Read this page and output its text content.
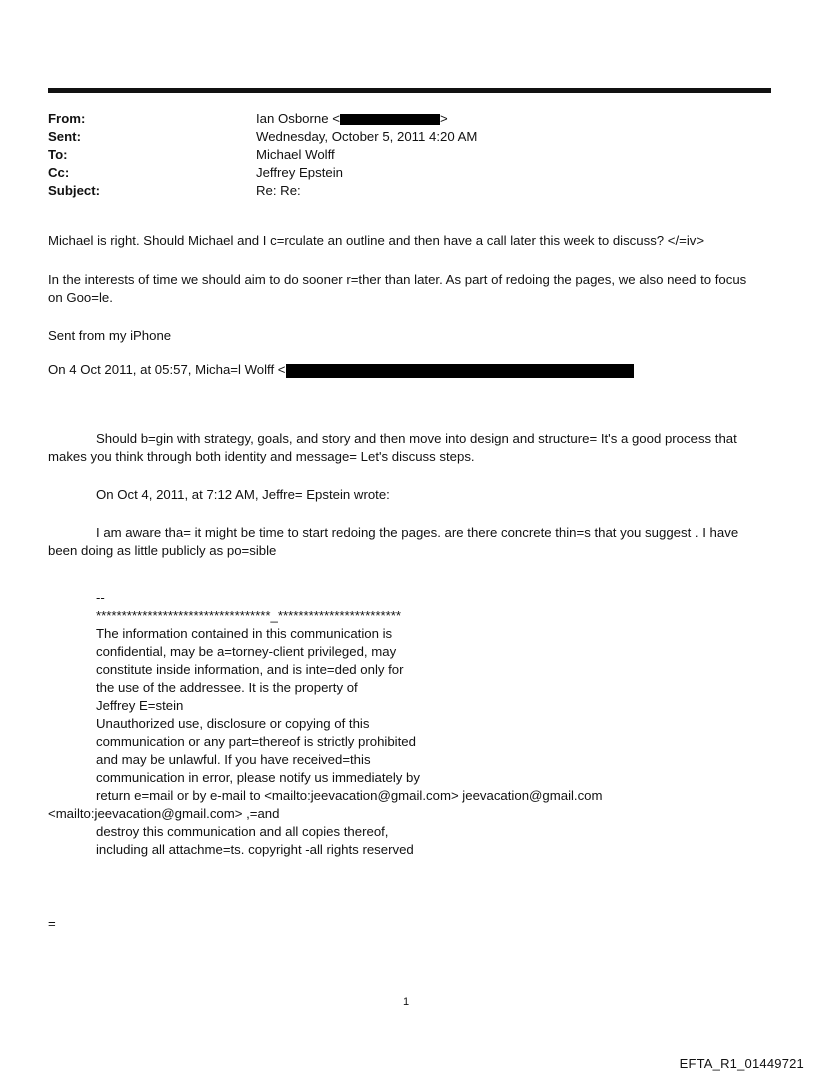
From:	Ian Osborne <	>
Sent:	Wednesday, October 5, 2011 4:20 AM
To:	Michael Wolff
Cc:	Jeffrey Epstein
Subject:	Re: Re:
Michael is right. Should Michael and I c=rculate an outline and then have a call later this week to discuss? </=iv>
In the interests of time we should aim to do sooner r=ther than later. As part of redoing the pages, we also need to focus
on Goo=le.
Sent from my iPhone
On 4 Oct 2011, at 05:57, Micha=l Wolff <
Should b=gin with strategy, goals, and story and then move into design and structure= It's a good process that
makes you think through both identity and message= Let's discuss steps.
On Oct 4, 2011, at 7:12 AM, Jeffre= Epstein wrote:
I am aware tha= it might be time to start redoing the pages. are there concrete thin=s that you suggest . I have
been doing as little publicly as po=sible
--
**********************************_************************
The information contained in this communication is
confidential, may be a=torney-client privileged, may
constitute inside information, and is inte=ded only for
the use of the addressee. It is the property of
Jeffrey E=stein
Unauthorized use, disclosure or copying of this
communication or any part=thereof is strictly prohibited
and may be unlawful. If you have received=this
communication in error, please notify us immediately by
return e=mail or by e-mail to <mailto:jeevacation@gmail.com> jeevacation@gmail.com
<mailto:jeevacation@gmail.com> ,=and
destroy this communication and all copies thereof,
including all attachme=ts. copyright -all rights reserved
=
1
EFTA_R1_01449721
